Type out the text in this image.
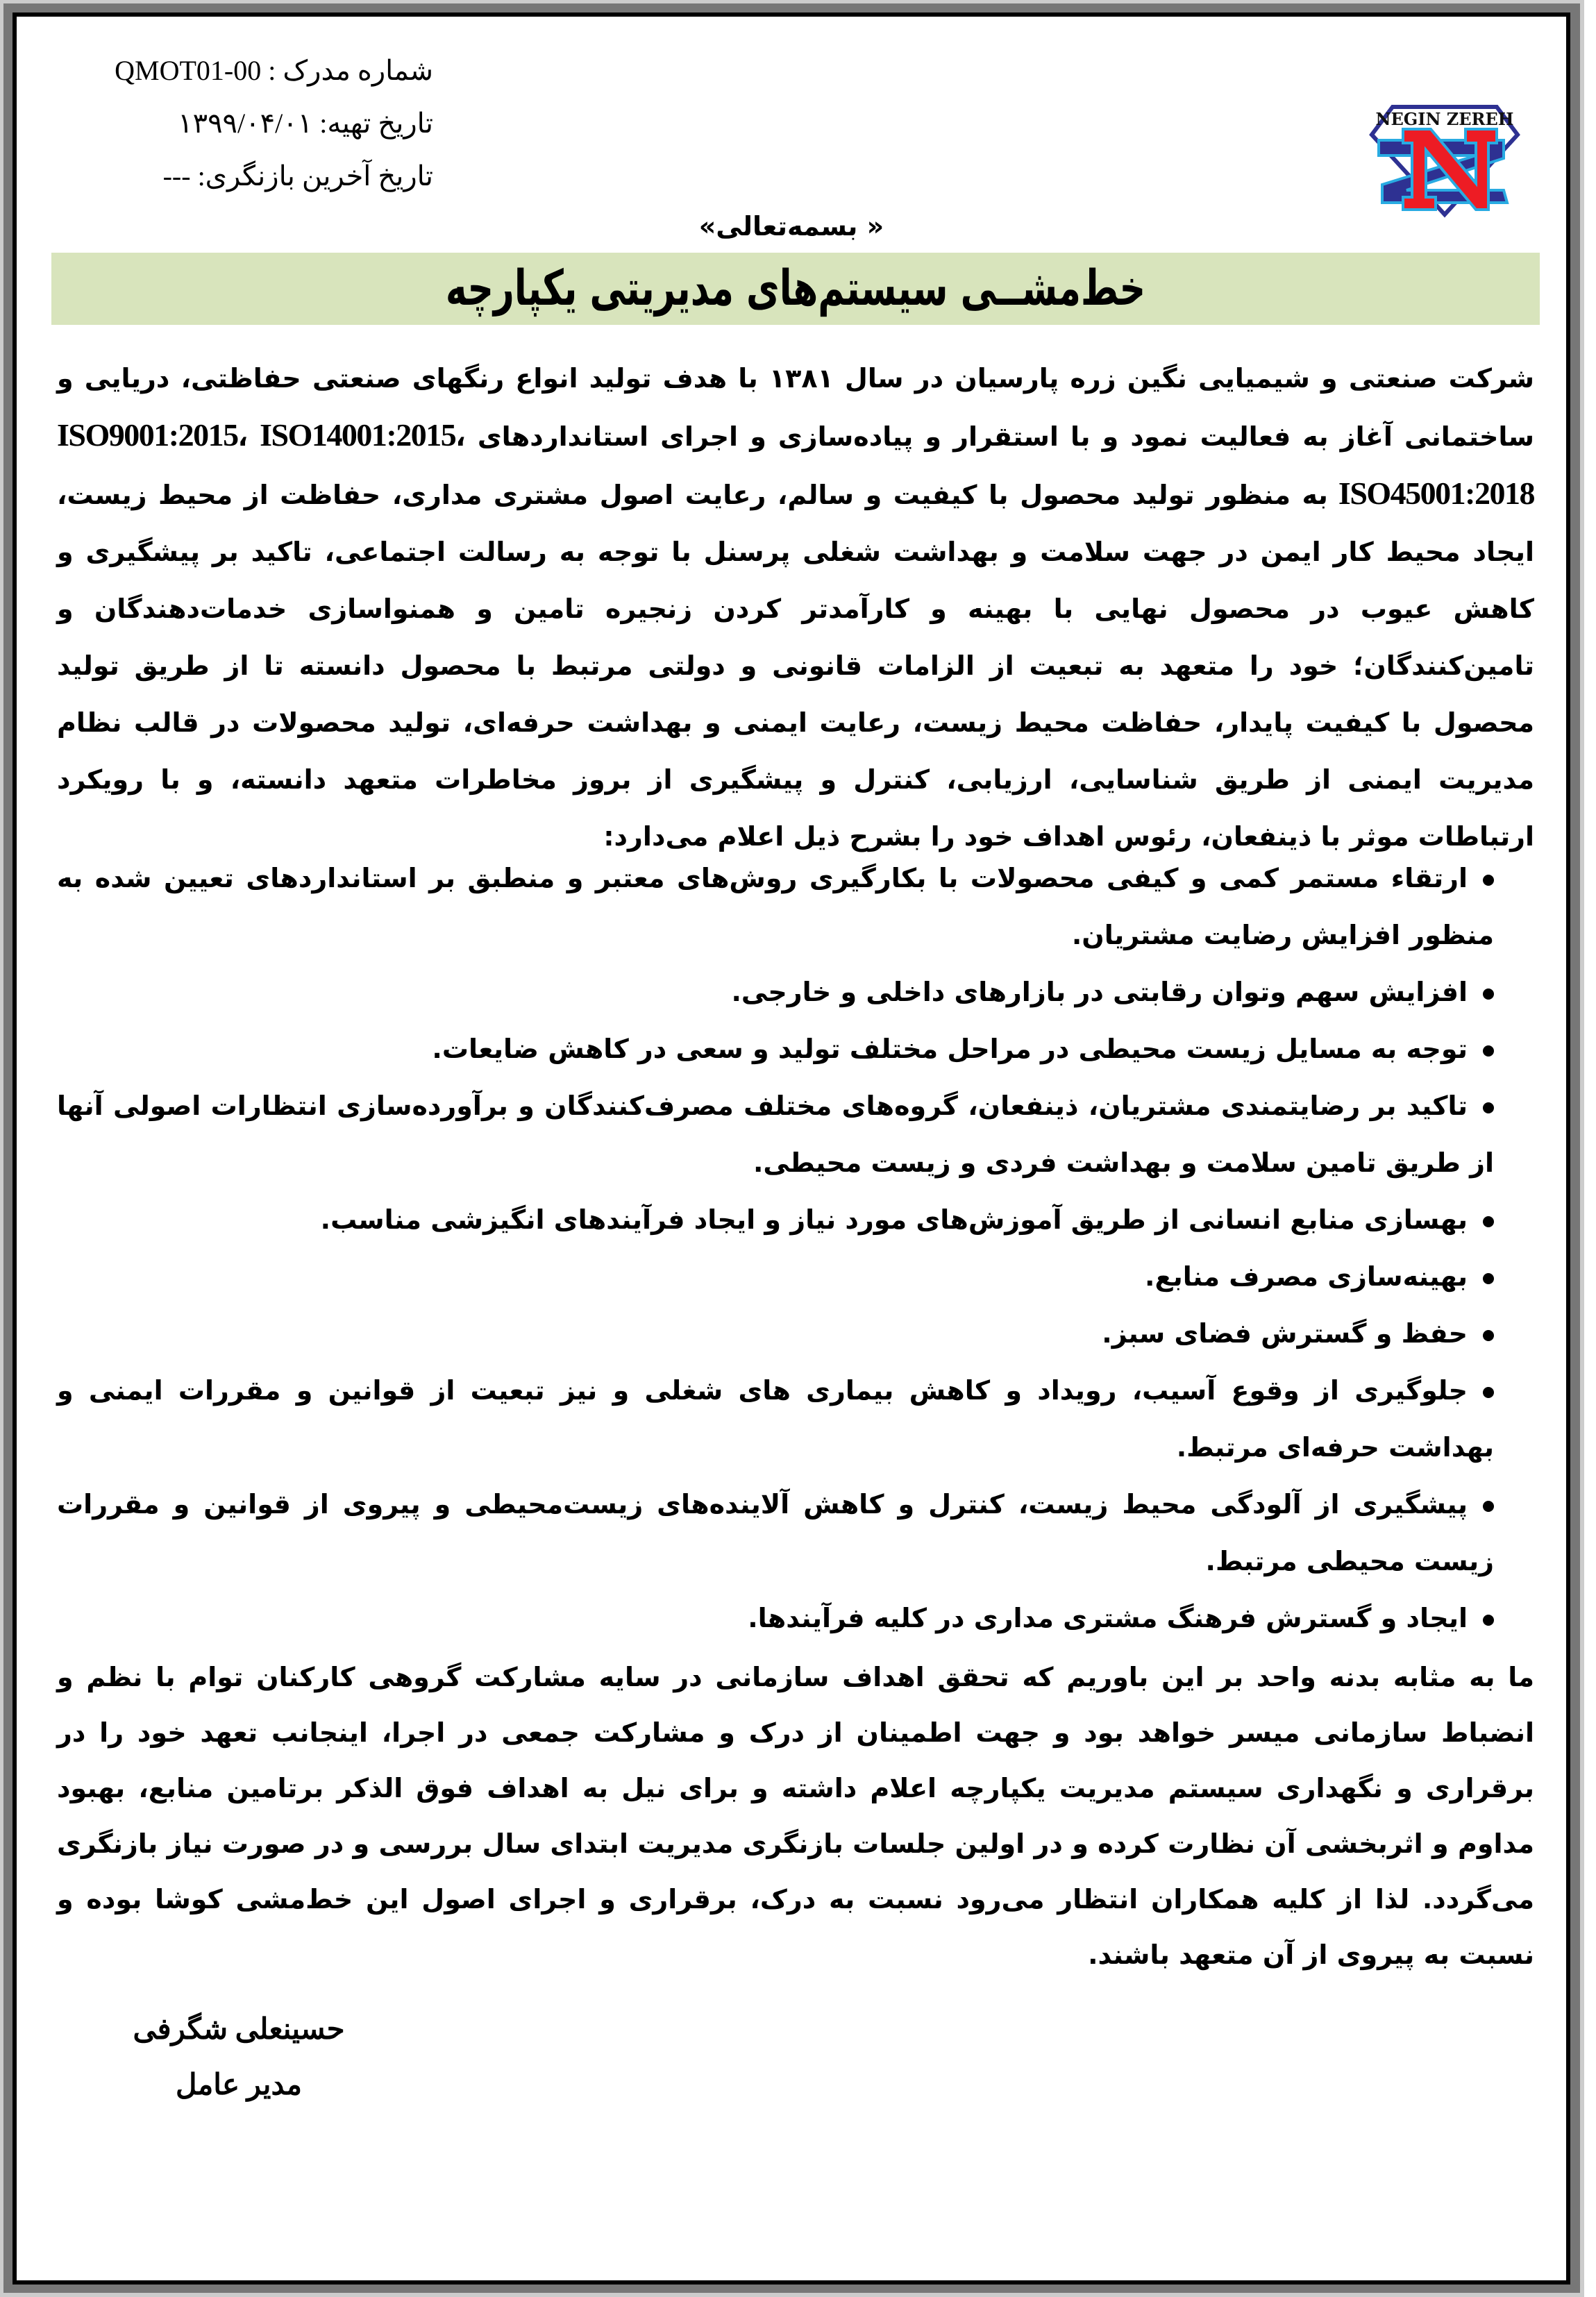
شماره مدرک : QMOT01-00
تاریخ تهیه: ۱۳۹۹/۰۴/۰۱
تاریخ آخرین بازنگری: ---
NEGIN ZEREH
« بسمه‌تعالی»
خط‌مشــی سیستم‌های مدیریتی یکپارچه

شرکت صنعتی و شیمیایی نگین زره پارسیان در سال ۱۳۸۱ با هدف تولید انواع رنگهای صنعتی حفاظتی، دریایی و ساختمانی آغاز به فعالیت نمود و با استقرار و پیاده‌سازی و اجرای استانداردهای ISO9001:2015، ISO14001:2015، ISO45001:2018 به منظور تولید محصول با کیفیت و سالم، رعایت اصول مشتری مداری، حفاظت از محیط زیست، ایجاد محیط کار ایمن در جهت سلامت و بهداشت شغلی پرسنل با توجه به رسالت اجتماعی، تاکید بر پیشگیری و کاهش عیوب در محصول نهایی با بهینه و کارآمدتر کردن زنجیره تامین و همنواسازی خدمات‌دهندگان و تامین‌کنندگان؛ خود را متعهد به تبعیت از الزامات قانونی و دولتی مرتبط با محصول دانسته تا از طریق تولید محصول با کیفیت پایدار، حفاظت محیط زیست، رعایت ایمنی و بهداشت حرفه‌ای، تولید محصولات در قالب نظام مدیریت ایمنی از طریق شناسایی، ارزیابی، کنترل و پیشگیری از بروز مخاطرات متعهد دانسته، و با رویکرد ارتباطات موثر با ذینفعان، رئوس اهداف خود را بشرح ذیل اعلام می‌دارد:

ارتقاء مستمر کمی و کیفی محصولات با بکارگیری روش‌های معتبر و منطبق بر استانداردهای تعیین شده به منظور افزایش رضایت مشتریان.
افزایش سهم وتوان رقابتی در بازارهای داخلی و خارجی.
توجه به مسایل زیست محیطی در مراحل مختلف تولید و سعی در کاهش ضایعات.
تاکید بر رضایتمندی مشتریان، ذینفعان، گروه‌های مختلف مصرف‌کنندگان و برآورده‌سازی انتظارات اصولی آنها از طریق تامین سلامت و بهداشت فردی و زیست محیطی.
بهسازی منابع انسانی از طریق آموزش‌های مورد نیاز و ایجاد فرآیندهای انگیزشی مناسب.
بهینه‌سازی مصرف منابع.
حفظ و گسترش فضای سبز.
جلوگیری از وقوع آسیب، رویداد و کاهش بیماری های شغلی و نیز تبعیت از قوانین و مقررات ایمنی و بهداشت حرفه‌ای مرتبط.
پیشگیری از آلودگی محیط زیست، کنترل و کاهش آلاینده‌های زیست‌محیطی و پیروی از قوانین و مقررات زیست محیطی مرتبط.
ایجاد و گسترش فرهنگ مشتری مداری در کلیه فرآیندها.

ما به مثابه بدنه واحد بر این باوریم که تحقق اهداف سازمانی در سایه مشارکت گروهی کارکنان توام با نظم و انضباط سازمانی میسر خواهد بود و جهت اطمینان از درک و مشارکت جمعی در اجرا، اینجانب تعهد خود را در برقراری و نگهداری سیستم مدیریت یکپارچه اعلام داشته و برای نیل به اهداف فوق الذکر برتامین منابع، بهبود مداوم و اثربخشی آن نظارت کرده و در اولین جلسات بازنگری مدیریت ابتدای سال بررسی و در صورت نیاز بازنگری می‌گردد. لذا از کلیه همکاران انتظار می‌رود نسبت به درک، برقراری و اجرای اصول این خط‌مشی کوشا بوده و نسبت به پیروی از آن متعهد باشند.

حسینعلی شگرفی
مدیر عامل
